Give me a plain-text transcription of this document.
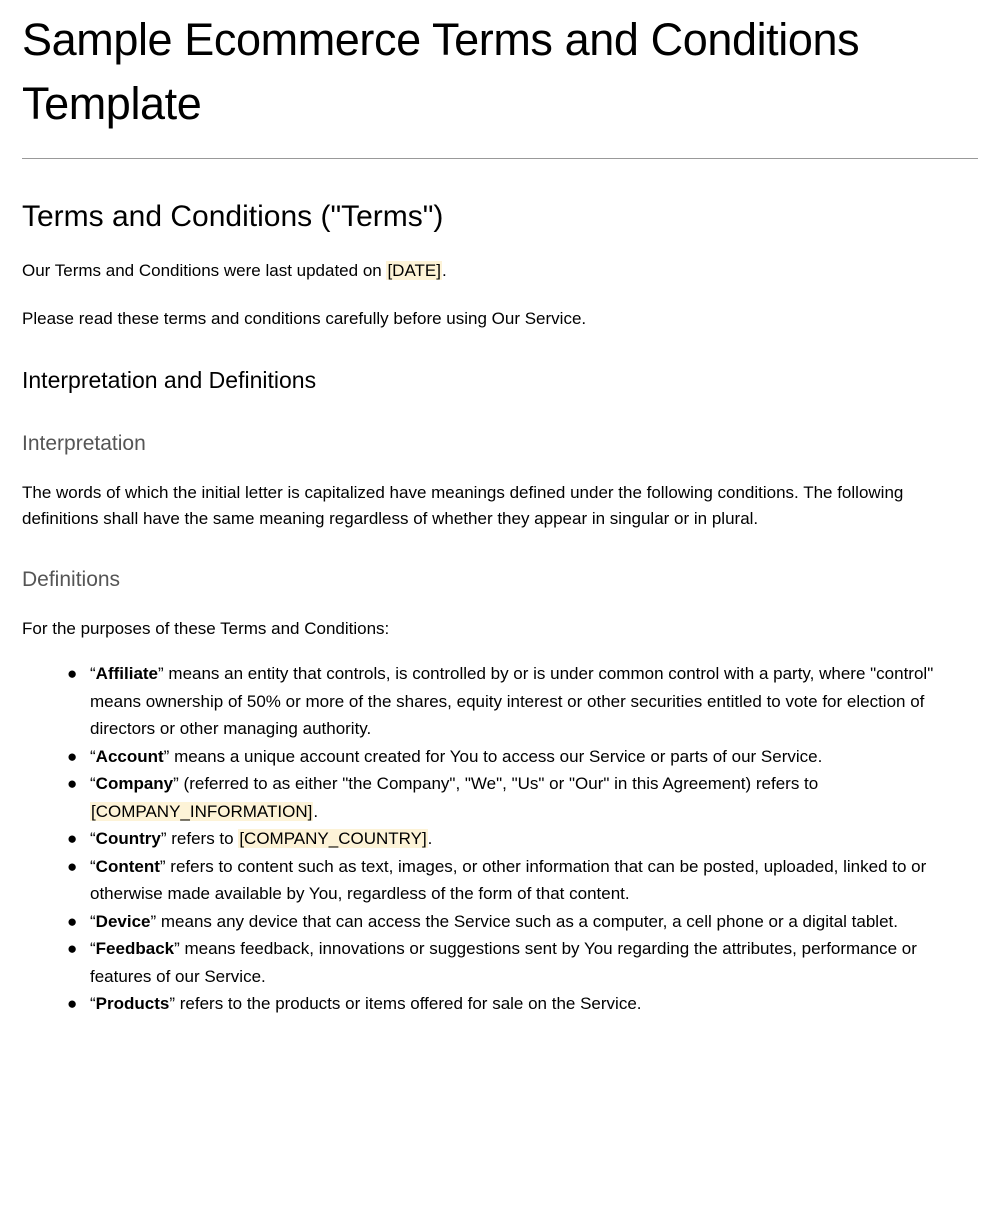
Sample Ecommerce Terms and Conditions Template
Terms and Conditions ("Terms")

Our Terms and Conditions were last updated on [DATE].

Please read these terms and conditions carefully before using Our Service.

Interpretation and Definitions
Interpretation

The words of which the initial letter is capitalized have meanings defined under the following conditions. The following definitions shall have the same meaning regardless of whether they appear in singular or in plural.

Definitions

For the purposes of these Terms and Conditions:

● “Affiliate” means an entity that controls, is controlled by or is under common control with a party, where "control" means ownership of 50% or more of the shares, equity interest or other securities entitled to vote for election of directors or other managing authority.
● “Account” means a unique account created for You to access our Service or parts of our Service.
● “Company” (referred to as either "the Company", "We", "Us" or "Our" in this Agreement) refers to [COMPANY_INFORMATION].
● “Country” refers to [COMPANY_COUNTRY].
● “Content” refers to content such as text, images, or other information that can be posted, uploaded, linked to or otherwise made available by You, regardless of the form of that content.
● “Device” means any device that can access the Service such as a computer, a cell phone or a digital tablet.
● “Feedback” means feedback, innovations or suggestions sent by You regarding the attributes, performance or features of our Service.
● “Products” refers to the products or items offered for sale on the Service.
